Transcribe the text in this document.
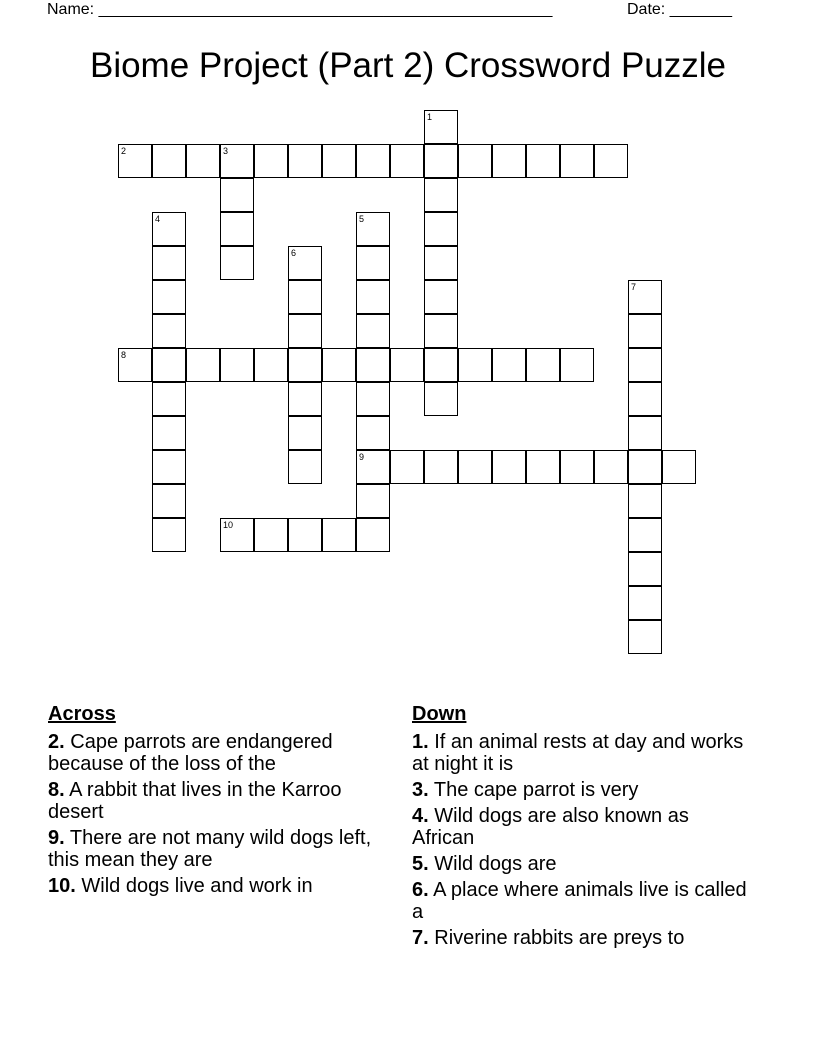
Name: ___________________________________________________	Date: _______
Biome Project (Part 2) Crossword Puzzle
1
2	3
4	5
9
6
7
8
10
Across
2. Cape parrots are endangered because of the loss of the
8. A rabbit that lives in the Karroo desert
9. There are not many wild dogs left, this mean they are
10. Wild dogs live and work in
Down
1. If an animal rests at day and works at night it is
3. The cape parrot is very
4. Wild dogs are also known as African
5. Wild dogs are
6. A place where animals live is called a
7. Riverine rabbits are preys to
